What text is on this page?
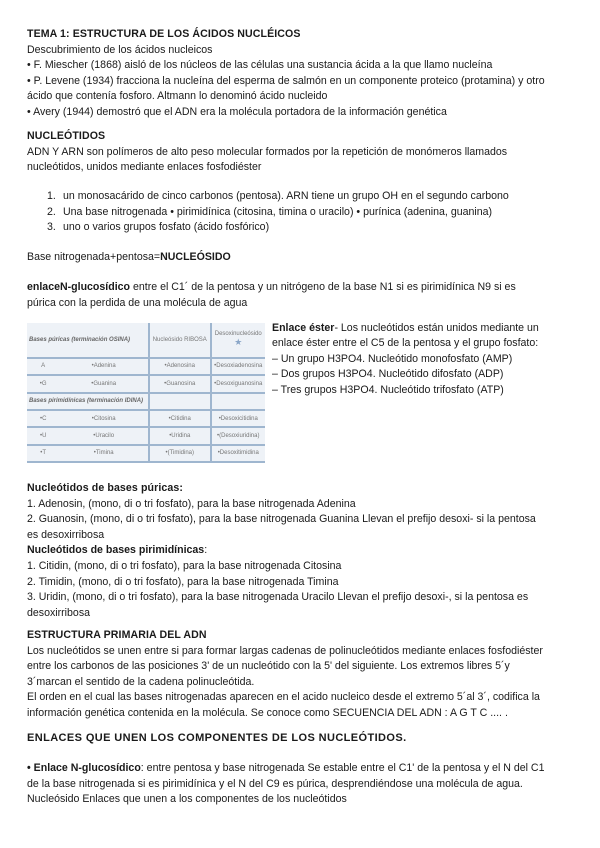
TEMA 1: ESTRUCTURA DE LOS ÁCIDOS NUCLÉICOS
Descubrimiento de los ácidos nucleicos
• F. Miescher (1868) aisló de los núcleos de las células una sustancia ácida a la que llamo nucleína
• P. Levene (1934) fracciona la nucleína del esperma de salmón en un componente proteico (protamina) y otro
ácido que contenía fosforo. Altmann lo denominó ácido nucleido
• Avery (1944) demostró que el ADN era la molécula portadora de la información genética
NUCLEÓTIDOS
ADN Y ARN son polímeros de alto peso molecular formados por la repetición de monómeros llamados
nucleótidos, unidos mediante enlaces fosfodiéster
1. un monosacárido de cinco carbonos (pentosa). ARN tiene un grupo OH en el segundo carbono
2. Una base nitrogenada • pirimidínica (citosina, timina o uracilo) • purínica (adenina, guanina)
3. uno o varios grupos fosfato (ácido fosfórico)
Base nitrogenada+pentosa=NUCLEÓSIDO
enlaceN-glucosídico entre el C1´ de la pentosa y un nitrógeno de la base N1 si es pirimidínica N9 si es
púrica con la perdida de una molécula de agua
Bases púricas (terminación OSINA)		Nucleósido RIBOSA	Desoxinucleósido
★
A	•Adenina	•Adenosina	•Desoxiadenosina
•G	•Guanina	•Guanosina	•Desoxiguanosina
Bases pirimidínicas (terminación IDINA)			
•C	•Citosina	•Citidina	•Desoxicitidina
•U	•Uracilo	•Uridina	•(Desoxiuridina)
•T	•Timina	•(Timidina)	•Desoxitimidina
Enlace éster- Los nucleótidos están unidos mediante un
enlace éster entre el C5 de la pentosa y el grupo fosfato:
– Un grupo H3PO4. Nucleótido monofosfato (AMP)
– Dos grupos H3PO4. Nucleótido difosfato (ADP)
– Tres grupos H3PO4. Nucleótido trifosfato (ATP)
Nucleótidos de bases púricas:
1. Adenosin, (mono, di o tri fosfato), para la base nitrogenada Adenina
2. Guanosin, (mono, di o tri fosfato), para la base nitrogenada Guanina Llevan el prefijo desoxi- si la pentosa
es desoxirribosa
Nucleótidos de bases pirimidínicas:
1. Citidin, (mono, di o tri fosfato), para la base nitrogenada Citosina
2. Timidin, (mono, di o tri fosfato), para la base nitrogenada Timina
3. Uridin, (mono, di o tri fosfato), para la base nitrogenada Uracilo Llevan el prefijo desoxi-, si la pentosa es
desoxirribosa
ESTRUCTURA PRIMARIA DEL ADN
Los nucleótidos se unen entre si para formar largas cadenas de polinucleótidos mediante enlaces fosfodiéster
entre los carbonos de las posiciones 3' de un nucleótido con la 5' del siguiente. Los extremos libres 5´y
3´marcan el sentido de la cadena polinucleótida.
El orden en el cual las bases nitrogenadas aparecen en el acido nucleico desde el extremo 5´al 3´, codifica la
información genética contenida en la molécula. Se conoce como SECUENCIA DEL ADN : A G T C .... .
ENLACES QUE UNEN LOS COMPONENTES DE LOS NUCLEÓTIDOS.
• Enlace N-glucosídico: entre pentosa y base nitrogenada Se estable entre el C1' de la pentosa y el N del C1
de la base nitrogenada si es pirimidínica y el N del C9 es púrica, desprendiéndose una molécula de agua.
Nucleósido Enlaces que unen a los componentes de los nucleótidos
